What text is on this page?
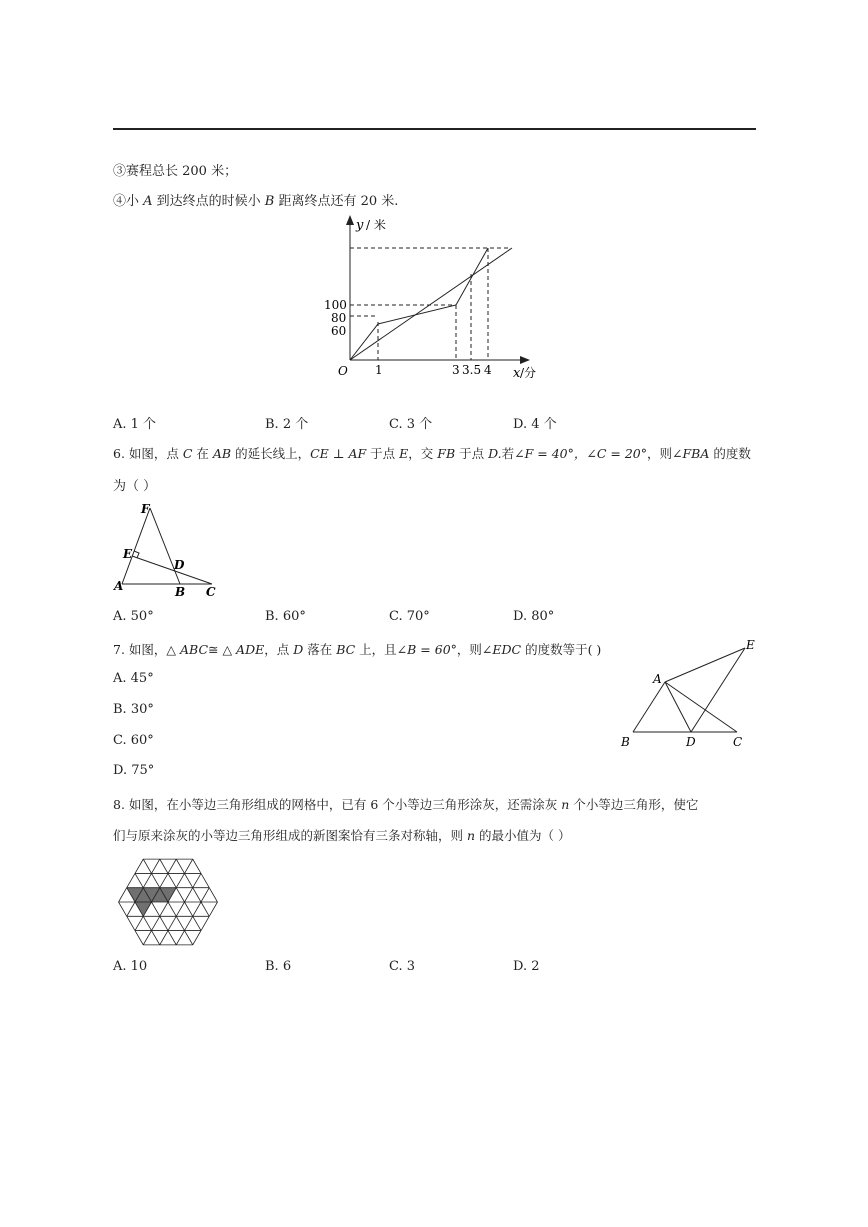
③赛程总长 200 米；
④小 A 到达终点的时候小 B 距离终点还有 20 米.
y / 米
100
80
60
O 1	3 3.5 4 x /分
A. 1 个	B. 2 个	C. 3 个	D. 4 个
6. 如图，点 C 在 AB 的延长线上，CE ⊥ AF 于点 E，交 FB 于点 D.若∠F = 40°，∠C = 20°，则∠FBA 的度数
为（ ）
F
E
D
A	B C
A. 50°	B. 60°	C. 70°	D. 80°
7. 如图，△ ABC≅ △ ADE，点 D 落在 BC 上，且∠B = 60°，则∠EDC 的度数等于( )	E
A
B	D	C
A. 45°
B. 30°
C. 60°
D. 75°
8. 如图，在小等边三角形组成的网格中，已有 6 个小等边三角形涂灰，还需涂灰 n 个小等边三角形，使它
们与原来涂灰的小等边三角形组成的新图案恰有三条对称轴，则 n 的最小值为（ ）
A. 10	B. 6	C. 3	D. 2
